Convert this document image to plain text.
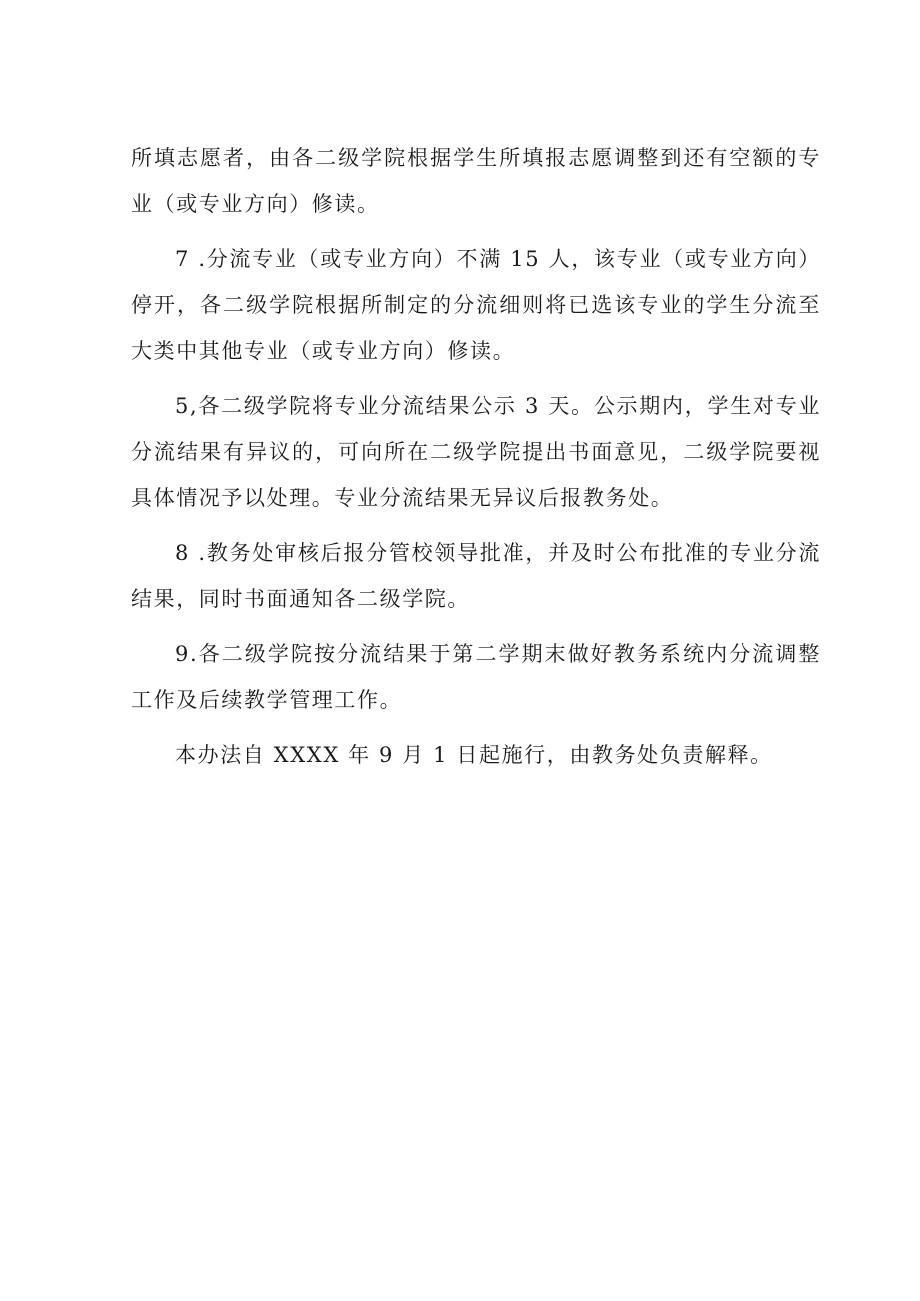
所填志愿者，由各二级学院根据学生所填报志愿调整到还有空额的专业（或专业方向）修读。

7 .分流专业（或专业方向）不满 15 人，该专业（或专业方向）停开，各二级学院根据所制定的分流细则将已选该专业的学生分流至大类中其他专业（或专业方向）修读。

5,各二级学院将专业分流结果公示 3 天。公示期内，学生对专业分流结果有异议的，可向所在二级学院提出书面意见，二级学院要视具体情况予以处理。专业分流结果无异议后报教务处。

8 .教务处审核后报分管校领导批准，并及时公布批准的专业分流结果，同时书面通知各二级学院。

9.各二级学院按分流结果于第二学期末做好教务系统内分流调整工作及后续教学管理工作。

本办法自 XXXX 年 9 月 1 日起施行，由教务处负责解释。
